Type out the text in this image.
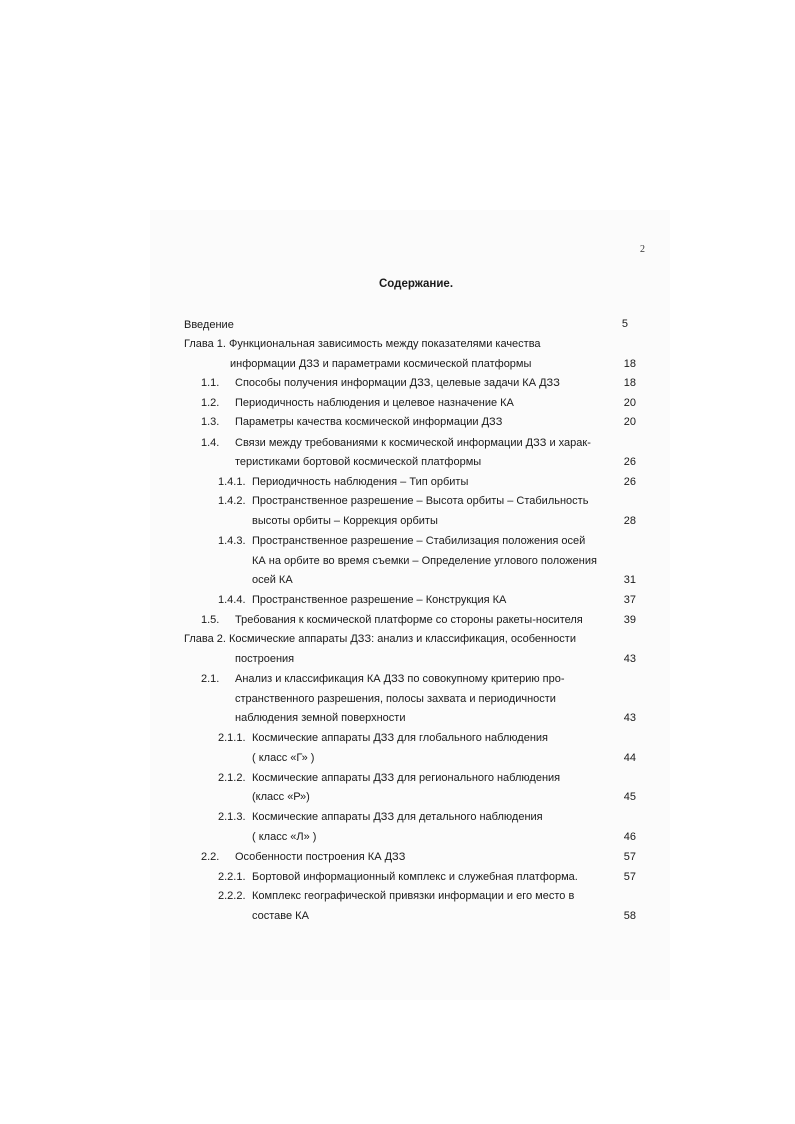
2
Содержание.
Введение	5
Глава 1. Функциональная зависимость между показателями качества
информации ДЗЗ и параметрами космической платформы	18
1.1. Способы получения информации ДЗЗ, целевые задачи КА ДЗЗ	18
1.2. Периодичность наблюдения и целевое назначение КА	20
1.3. Параметры качества космической информации ДЗЗ	20
1.4. Связи между требованиями к космической информации ДЗЗ и харак-
теристиками бортовой космической платформы	26
1.4.1. Периодичность наблюдения – Тип орбиты	26
1.4.2. Пространственное разрешение – Высота орбиты – Стабильность
высоты орбиты – Коррекция орбиты	28
1.4.3. Пространственное разрешение – Стабилизация положения осей
КА на орбите во время съемки – Определение углового положения
осей КА	31
1.4.4. Пространственное разрешение – Конструкция КА	37
1.5. Требования к космической платформе со стороны ракеты-носителя	39
Глава 2. Космические аппараты ДЗЗ: анализ и классификация, особенности
построения	43
2.1. Анализ и классификация КА ДЗЗ по совокупному критерию про-
странственного разрешения, полосы захвата и периодичности
наблюдения земной поверхности	43
2.1.1. Космические аппараты ДЗЗ для глобального наблюдения
( класс «Г» )	44
2.1.2. Космические аппараты ДЗЗ для регионального наблюдения
(класс «Р»)	45
2.1.3. Космические аппараты ДЗЗ для детального наблюдения
( класс «Л» )	46
2.2. Особенности построения КА ДЗЗ	57
2.2.1. Бортовой информационный комплекс и служебная платформа.	57
2.2.2. Комплекс географической привязки информации и его место в
составе КА	58
